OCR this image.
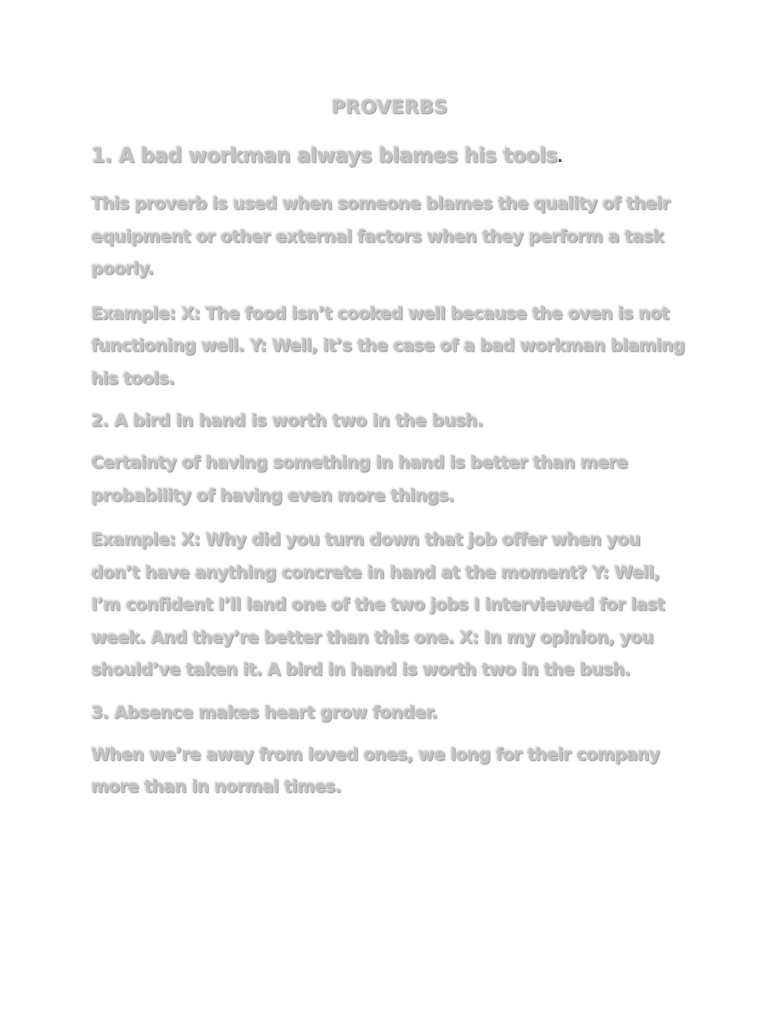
PROVERBS
1. A bad workman always blames his tools.
This proverb is used when someone blames the quality of their equipment or other external factors when they perform a task poorly.
Example: X: The food isn’t cooked well because the oven is not functioning well. Y: Well, it’s the case of a bad workman blaming his tools.
2. A bird in hand is worth two in the bush.
Certainty of having something in hand is better than mere probability of having even more things.
Example: X: Why did you turn down that job offer when you don’t have anything concrete in hand at the moment? Y: Well, I’m confident I’ll land one of the two jobs I interviewed for last week. And they’re better than this one. X: In my opinion, you should’ve taken it. A bird in hand is worth two in the bush.
3. Absence makes heart grow fonder.
When we’re away from loved ones, we long for their company more than in normal times.
